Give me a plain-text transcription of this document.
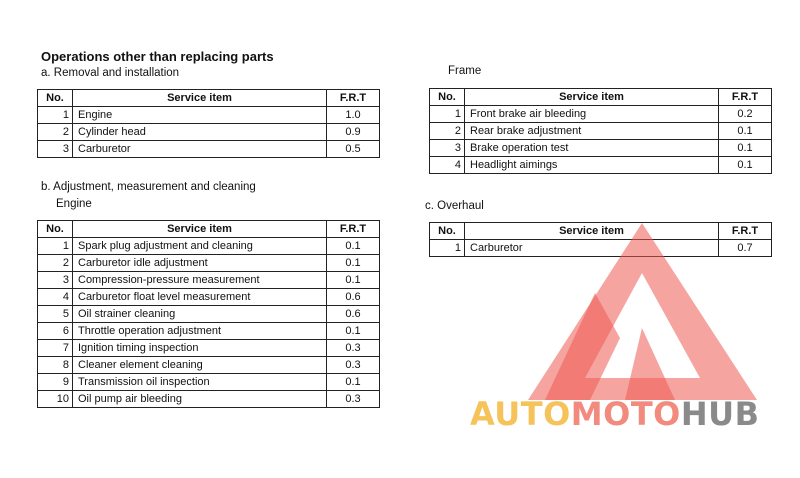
Operations other than replacing parts
a. Removal and installation
No.	Service item	F.R.T
1	Engine	1.0
2	Cylinder head	0.9
3	Carburetor	0.5
b. Adjustment, measurement and cleaning
Engine
No.	Service item	F.R.T
1	Spark plug adjustment and cleaning	0.1
2	Carburetor idle adjustment	0.1
3	Compression-pressure measurement	0.1
4	Carburetor float level measurement	0.6
5	Oil strainer cleaning	0.6
6	Throttle operation adjustment	0.1
7	Ignition timing inspection	0.3
8	Cleaner element cleaning	0.3
9	Transmission oil inspection	0.1
10	Oil pump air bleeding	0.3
Frame
No.	Service item	F.R.T
1	Front brake air bleeding	0.2
2	Rear brake adjustment	0.1
3	Brake operation test	0.1
4	Headlight aimings	0.1
c. Overhaul
No.	Service item	F.R.T
1	Carburetor	0.7
AUTOMOTOHUB
